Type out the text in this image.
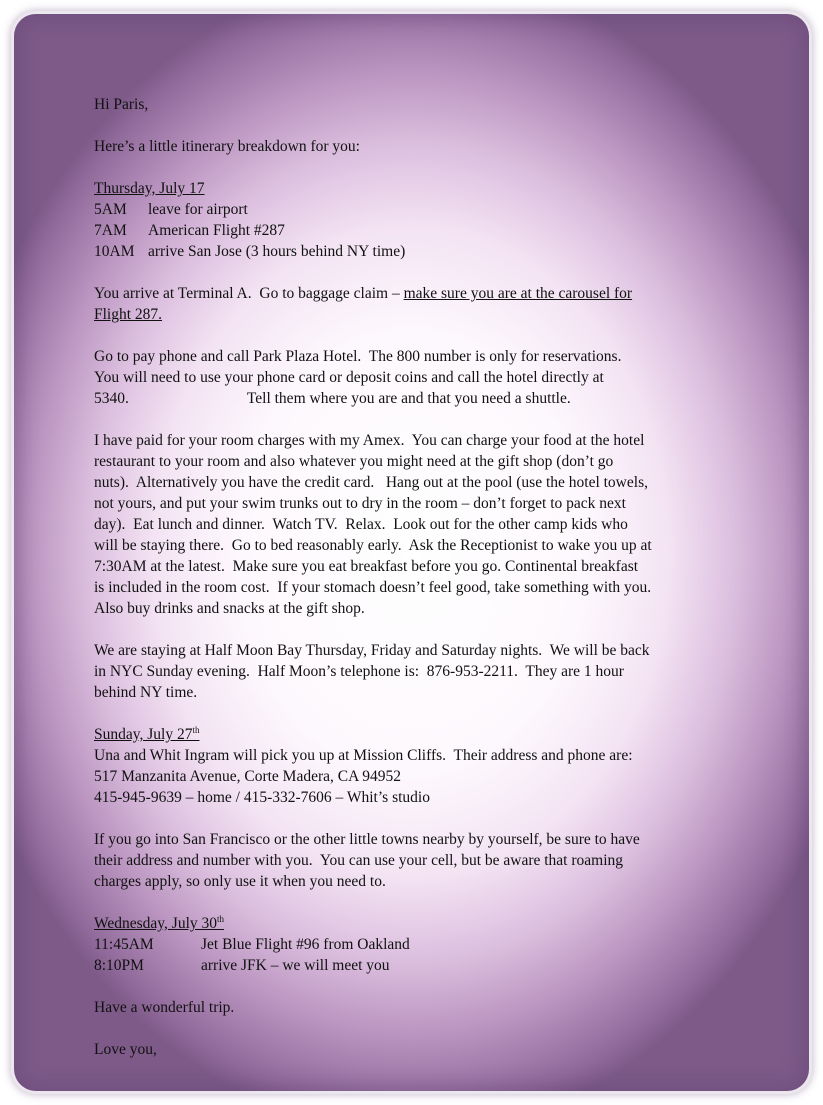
Hi Paris,
Here’s a little itinerary breakdown for you:
Thursday, July 17
5AM	leave for airport
7AM	American Flight #287
10AM arrive San Jose (3 hours behind NY time)
You arrive at Terminal A.  Go to baggage claim – make sure you are at the carousel for
Flight 287.
Go to pay phone and call Park Plaza Hotel.  The 800 number is only for reservations.
You will need to use your phone card or deposit coins and call the hotel directly at
5340.	Tell them where you are and that you need a shuttle.
I have paid for your room charges with my Amex.  You can charge your food at the hotel
restaurant to your room and also whatever you might need at the gift shop (don’t go
nuts).  Alternatively you have the credit card.   Hang out at the pool (use the hotel towels,
not yours, and put your swim trunks out to dry in the room – don’t forget to pack next
day).  Eat lunch and dinner.  Watch TV.  Relax.  Look out for the other camp kids who
will be staying there.  Go to bed reasonably early.  Ask the Receptionist to wake you up at
7:30AM at the latest.  Make sure you eat breakfast before you go. Continental breakfast
is included in the room cost.  If your stomach doesn’t feel good, take something with you.
Also buy drinks and snacks at the gift shop.
We are staying at Half Moon Bay Thursday, Friday and Saturday nights.  We will be back
in NYC Sunday evening.  Half Moon’s telephone is:  876-953-2211.  They are 1 hour
behind NY time.
Sunday, July 27th
Una and Whit Ingram will pick you up at Mission Cliffs.  Their address and phone are:
517 Manzanita Avenue, Corte Madera, CA 94952
415-945-9639 – home / 415-332-7606 – Whit’s studio
If you go into San Francisco or the other little towns nearby by yourself, be sure to have
their address and number with you.  You can use your cell, but be aware that roaming
charges apply, so only use it when you need to.
Wednesday, July 30th
11:45AM	Jet Blue Flight #96 from Oakland
8:10PM	arrive JFK – we will meet you
Have a wonderful trip.
Love you,
